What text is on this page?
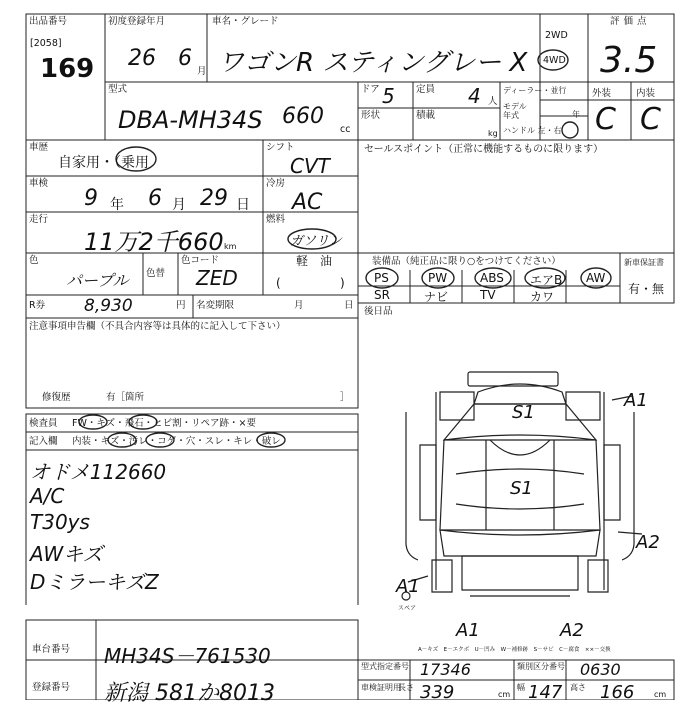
出品番号
[2058]
169
初度登録年月
26 6
月
車名・グレード
ワゴンR スティングレー X
2WD
4WD
評価点
3.5
外装	内装
C C
型式
DBA-MH34S 660
cc
ドア 5 定員 4 人
形状	積載
kg
ディーラー・並行
モデル年式	年
ハンドル 左・右
車歴
自家用・（乗用
シフト
CVT
車検
9 年 6 月 29 日
冷房
AC
走行
11万2千660 km
燃料
ガソリン
軽　油
色
パープル 色替
色コード
ZED	(	)
R券 8,930	円 名変期限	月	日
セールスポイント（正常に機能するものに限ります）
装備品（純正品に限り○をつけてください）
PS	PW	ABS エアB AW
SR	ナビ	TV	カワ
新車保証書
有・無
後日品
注意事項申告欄（不具合内容等は具体的に記入して下さい）
修復歴	有［箇所	］
検査員 FW・キズ・飛石・ヒビ割・リペア跡・×要
記入欄 内装・キズ・汚レ・コゲ・穴・スレ・キレ・破レ
オドメ112660
A/C
T30ys
AWキズ
DミラーキズZ
S1
S1
A1
A2
A1
A1	A2
スペア
A－キズ　E－エクボ　U－凹み　W－補修跡　S－サビ　C－腐食　××－交換
車台番号 MH34S－761530
登録番号 新潟 581か8013
型式指定番号 17346	類別区分番号 0630
車検証明用
長さ 339	cm
幅 147 高さ 166 cm
